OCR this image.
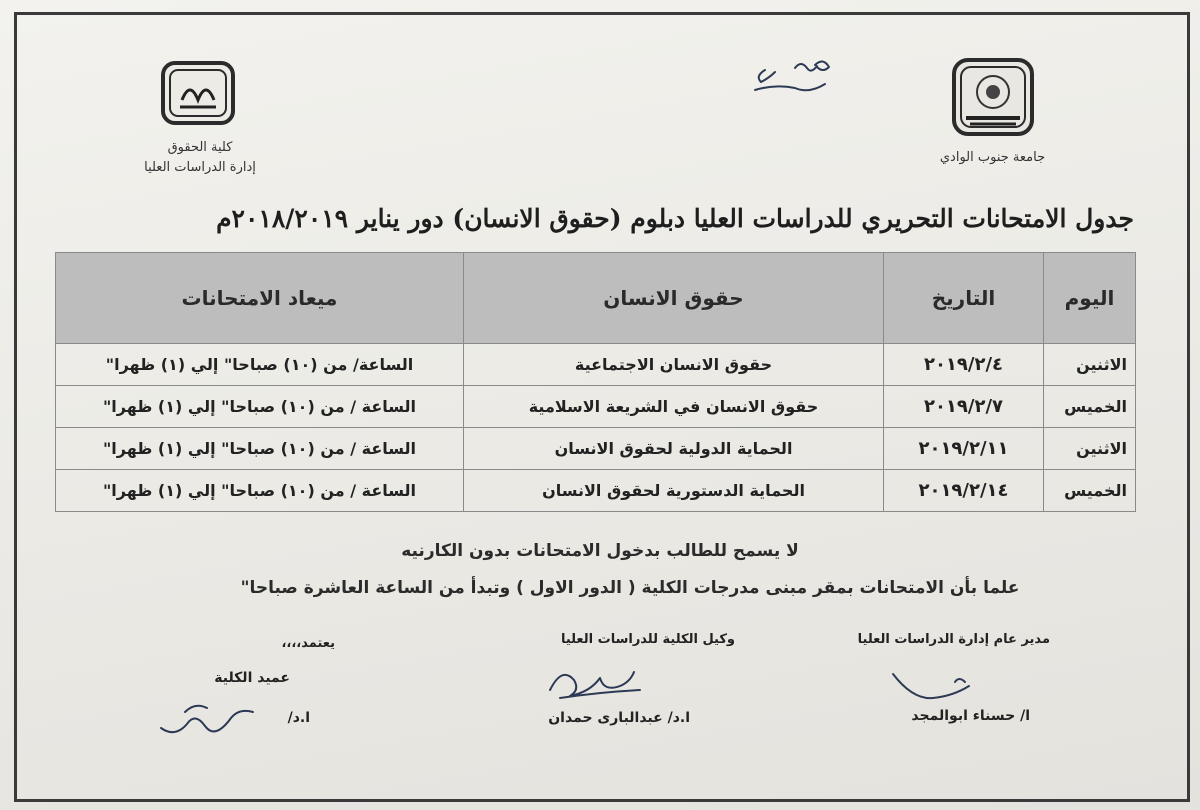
جامعة جنوب الوادي
كلية الحقوق
إدارة الدراسات العليا
جدول الامتحانات التحريري للدراسات العليا دبلوم (حقوق الانسان) دور يناير ٢٠١٨/٢٠١٩م
اليوم	التاريخ	حقوق الانسان	ميعاد الامتحانات
الاثنين	٢٠١٩/٢/٤	حقوق الانسان الاجتماعية	الساعة/ من (١٠) صباحا" إلي (١) ظهرا"
الخميس	٢٠١٩/٢/٧	حقوق الانسان في الشريعة الاسلامية	الساعة / من (١٠) صباحا" إلي (١) ظهرا"
الاثنين	٢٠١٩/٢/١١	الحماية الدولية لحقوق الانسان	الساعة / من (١٠) صباحا" إلي (١) ظهرا"
الخميس	٢٠١٩/٢/١٤	الحماية الدستورية لحقوق الانسان	الساعة / من (١٠) صباحا" إلي (١) ظهرا"
لا يسمح للطالب بدخول الامتحانات بدون الكارنيه
علما بأن الامتحانات بمقر مبنى مدرجات الكلية ( الدور الاول ) وتبدأ من الساعة العاشرة صباحا"
مدير عام إدارة الدراسات العليا
ا/ حسناء ابوالمجد
وكيل الكلية للدراسات العليا
ا.د/ عبدالبارى حمدان
يعتمد،،،،
عميد الكلية
ا.د/
